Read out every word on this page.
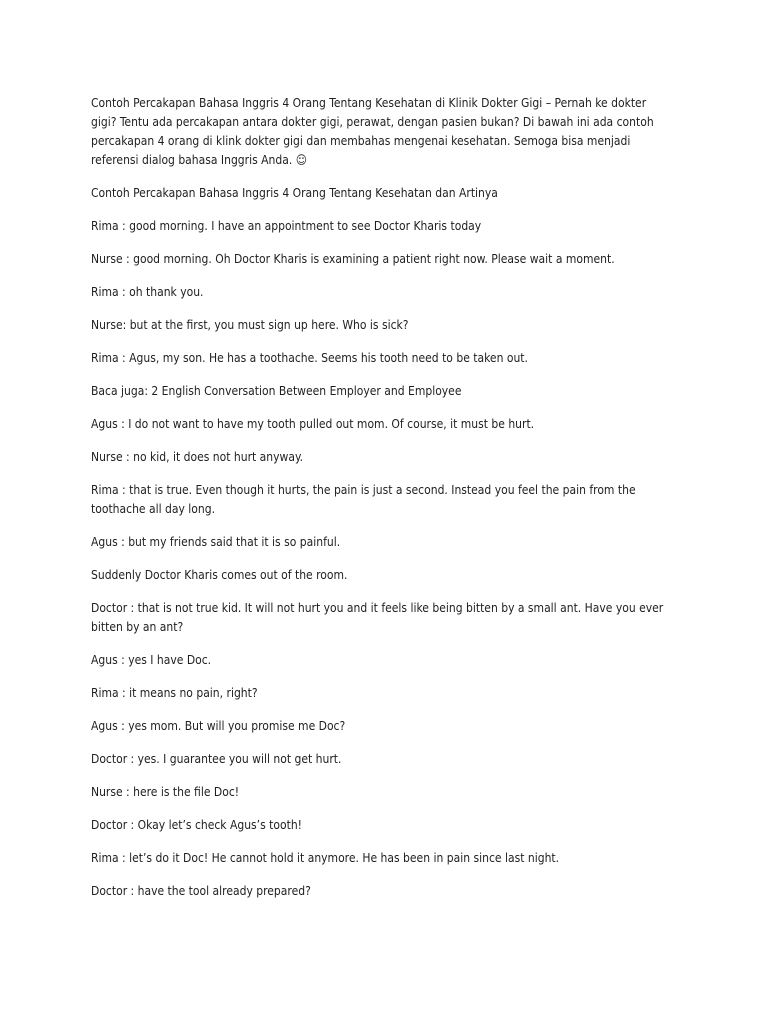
Contoh Percakapan Bahasa Inggris 4 Orang Tentang Kesehatan di Klinik Dokter Gigi – Pernah ke dokter gigi? Tentu ada percakapan antara dokter gigi, perawat, dengan pasien bukan? Di bawah ini ada contoh percakapan 4 orang di klink dokter gigi dan membahas mengenai kesehatan. Semoga bisa menjadi referensi dialog bahasa Inggris Anda. ☺

Contoh Percakapan Bahasa Inggris 4 Orang Tentang Kesehatan dan Artinya

Rima : good morning. I have an appointment to see Doctor Kharis today

Nurse : good morning. Oh Doctor Kharis is examining a patient right now. Please wait a moment.

Rima : oh thank you.

Nurse: but at the first, you must sign up here. Who is sick?

Rima : Agus, my son. He has a toothache. Seems his tooth need to be taken out.

Baca juga: 2 English Conversation Between Employer and Employee

Agus : I do not want to have my tooth pulled out mom. Of course, it must be hurt.

Nurse : no kid, it does not hurt anyway.

Rima : that is true. Even though it hurts, the pain is just a second. Instead you feel the pain from the toothache all day long.

Agus : but my friends said that it is so painful.

Suddenly Doctor Kharis comes out of the room.

Doctor : that is not true kid. It will not hurt you and it feels like being bitten by a small ant. Have you ever bitten by an ant?

Agus : yes I have Doc.

Rima : it means no pain, right?

Agus : yes mom. But will you promise me Doc?

Doctor : yes. I guarantee you will not get hurt.

Nurse : here is the file Doc!

Doctor : Okay let’s check Agus’s tooth!

Rima : let’s do it Doc! He cannot hold it anymore. He has been in pain since last night.

Doctor : have the tool already prepared?
